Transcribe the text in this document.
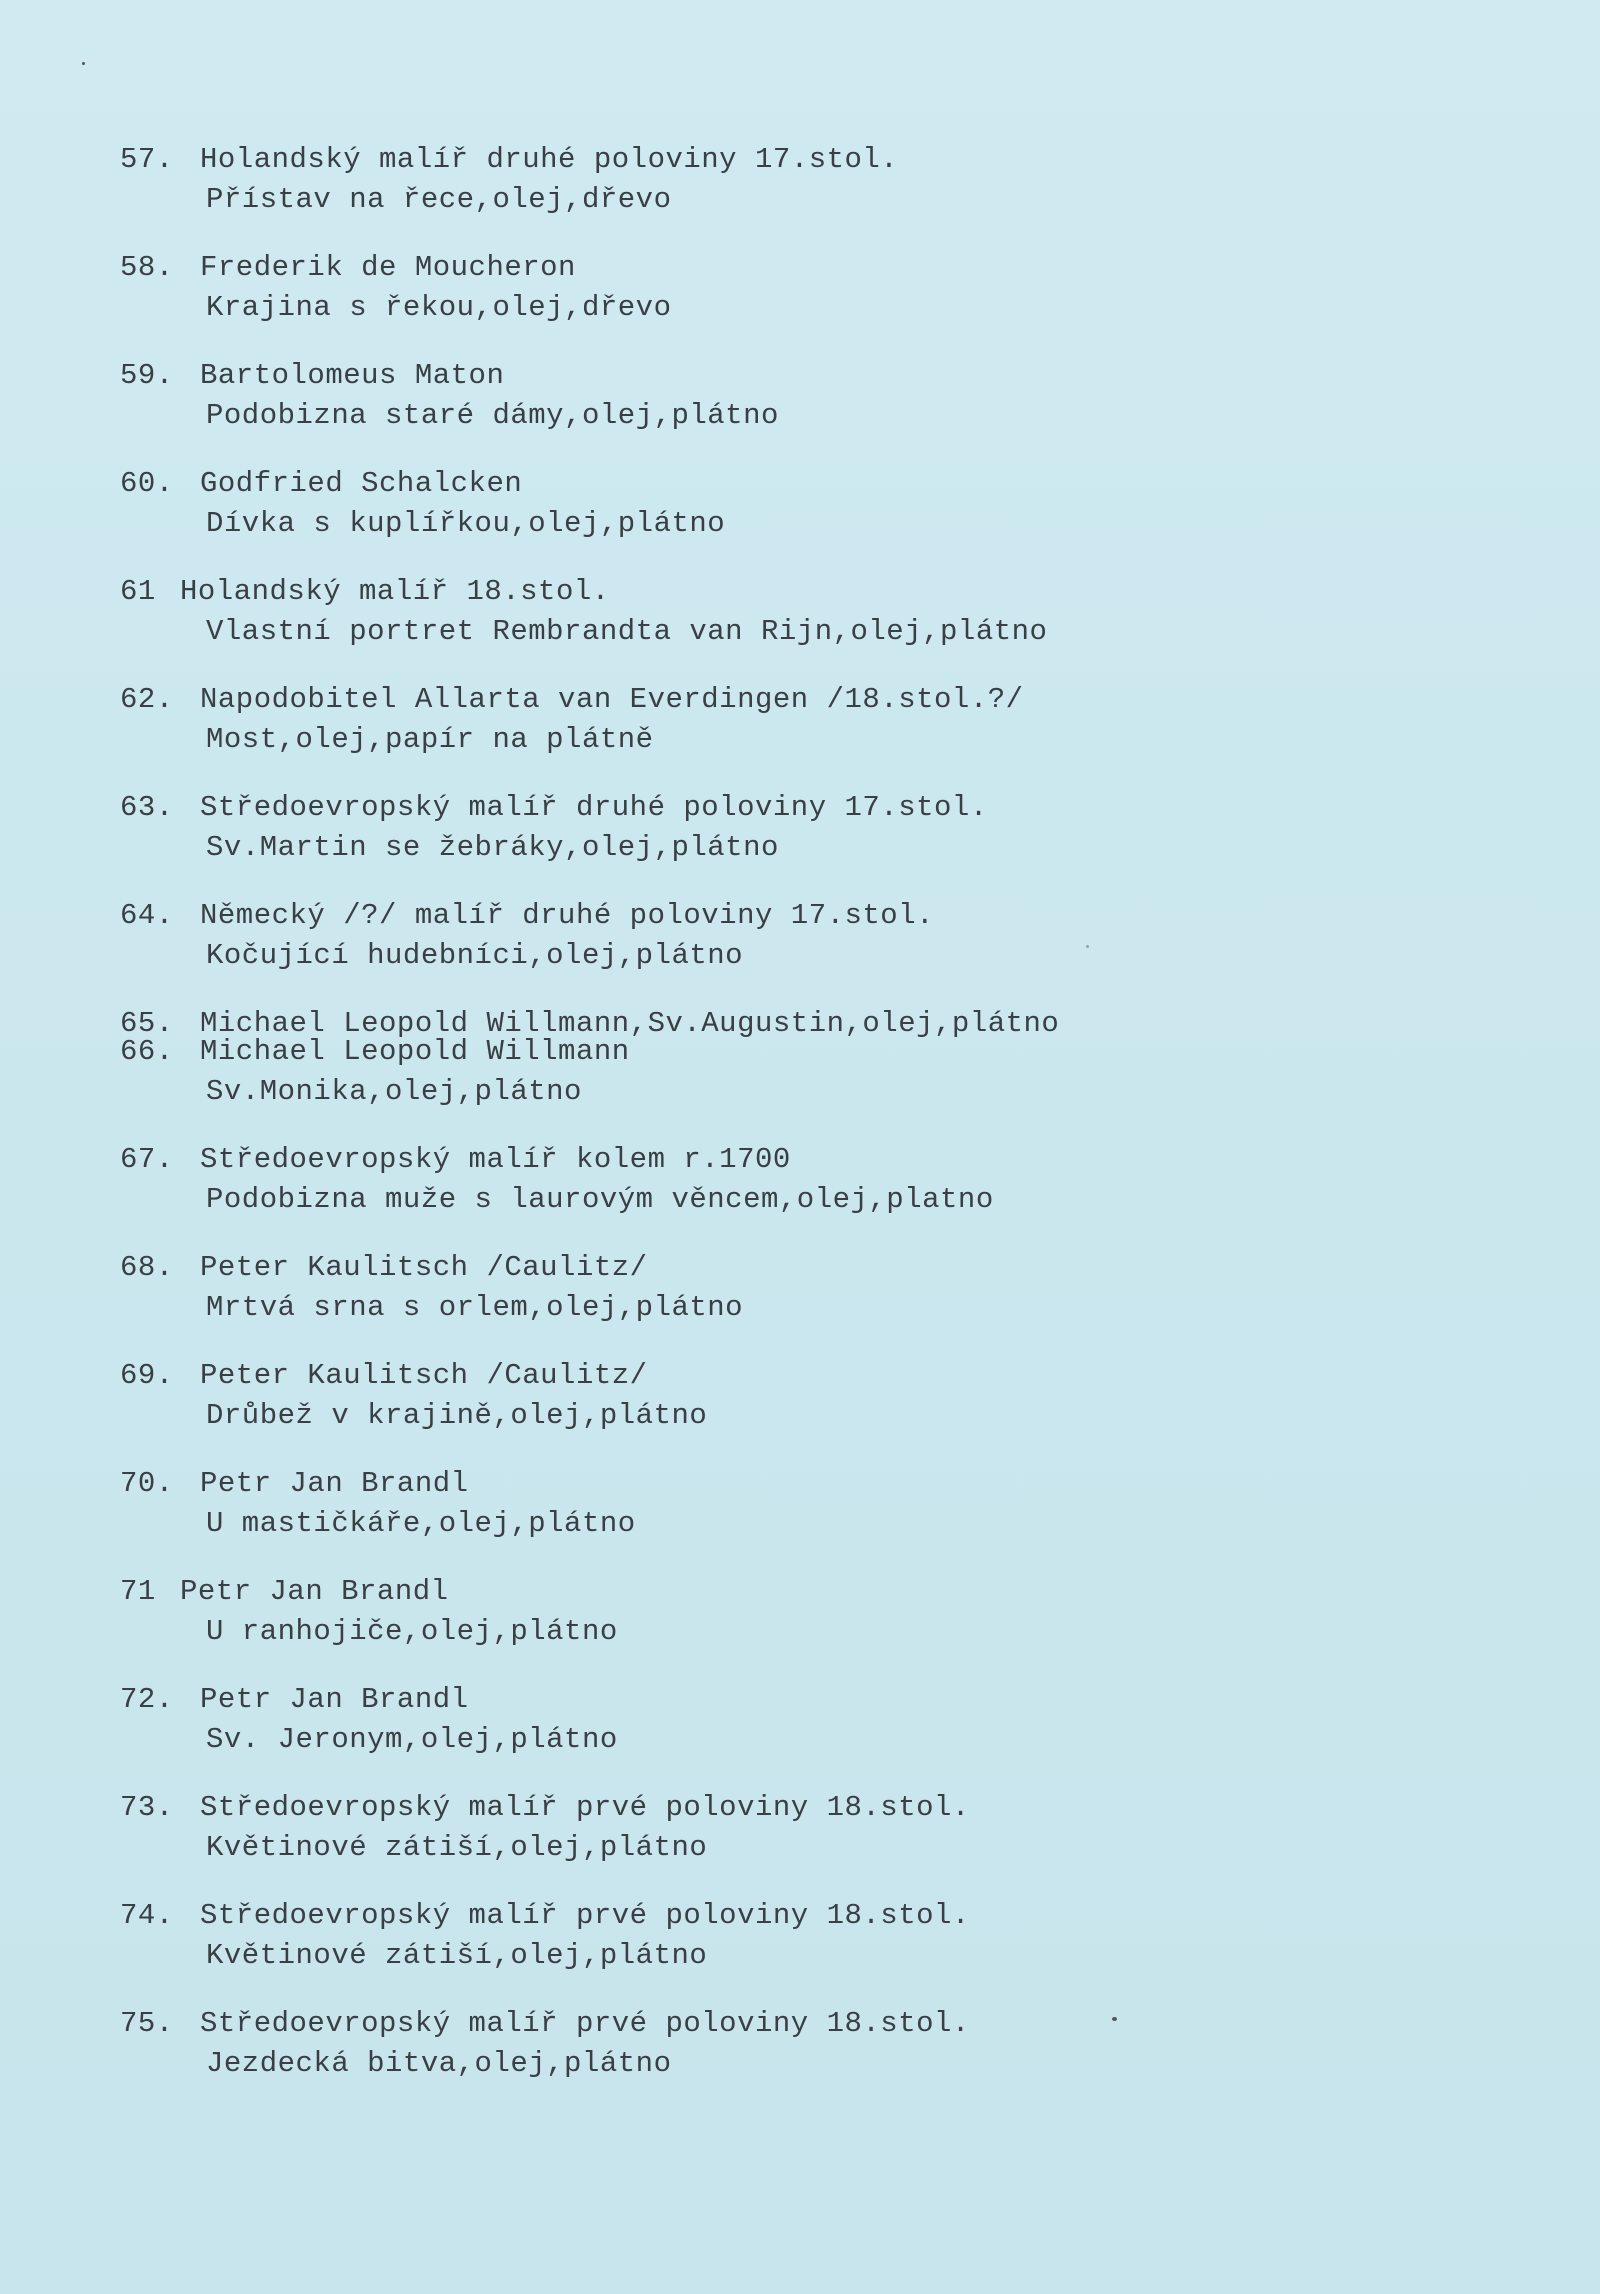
57. Holandský malíř druhé poloviny 17.stol.
Přístav na řece,olej,dřevo
58. Frederik de Moucheron
Krajina s řekou,olej,dřevo
59. Bartolomeus Maton
Podobizna staré dámy,olej,plátno
60. Godfried Schalcken
Dívka s kuplířkou,olej,plátno
61 Holandský malíř 18.stol.
Vlastní portret Rembrandta van Rijn,olej,plátno
62. Napodobitel Allarta van Everdingen /18.stol.?/
Most,olej,papír na plátně
63. Středoevropský malíř druhé poloviny 17.stol.
Sv.Martin se žebráky,olej,plátno
64. Německý /?/ malíř druhé poloviny 17.stol.
Kočující hudebníci,olej,plátno
65. Michael Leopold Willmann,Sv.Augustin,olej,plátno
66. Michael Leopold Willmann
Sv.Monika,olej,plátno
67. Středoevropský malíř kolem r.1700
Podobizna muže s laurovým věncem,olej,platno
68. Peter Kaulitsch /Caulitz/
Mrtvá srna s orlem,olej,plátno
69. Peter Kaulitsch /Caulitz/
Drůbež v krajině,olej,plátno
70. Petr Jan Brandl
U mastičkáře,olej,plátno
71 Petr Jan Brandl
U ranhojiče,olej,plátno
72. Petr Jan Brandl
Sv. Jeronym,olej,plátno
73. Středoevropský malíř prvé poloviny 18.stol.
Květinové zátiší,olej,plátno
74. Středoevropský malíř prvé poloviny 18.stol.
Květinové zátiší,olej,plátno
75. Středoevropský malíř prvé poloviny 18.stol.
Jezdecká bitva,olej,plátno
